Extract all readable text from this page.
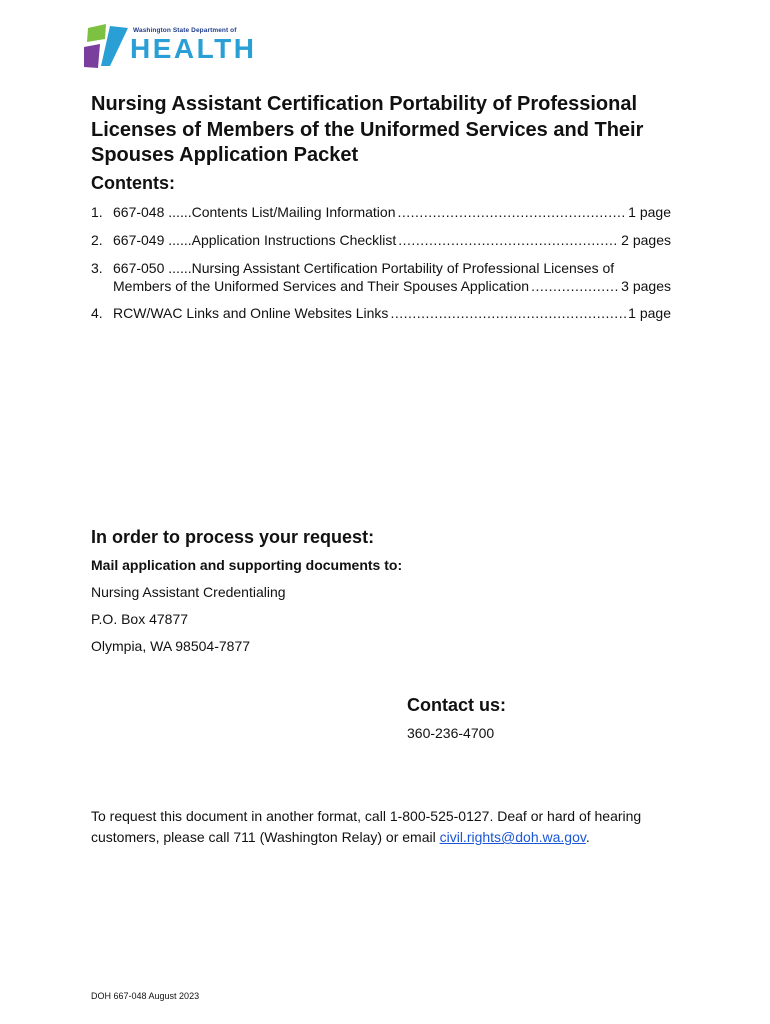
Washington State Department of
HEALTH
Nursing Assistant Certification Portability of Professional Licenses of Members of the Uniformed Services and Their Spouses Application Packet
Contents:
1. 667-048 ......Contents List/Mailing Information .....	1 page
2. 667-049 ......Application Instructions Checklist .....	2 pages
3. 667-050 ......Nursing Assistant Certification Portability of Professional Licenses of
Members of the Uniformed Services and Their Spouses Application .....	3 pages
4. RCW/WAC Links and Online Websites Links .....	1 page
In order to process your request:
Mail application and supporting documents to:
Nursing Assistant Credentialing
P.O. Box 47877
Olympia, WA 98504-7877
Contact us:
360-236-4700
To request this document in another format, call 1-800-525-0127. Deaf or hard of hearing customers, please call 711 (Washington Relay) or email civil.rights@doh.wa.gov.
DOH 667-048 August 2023
